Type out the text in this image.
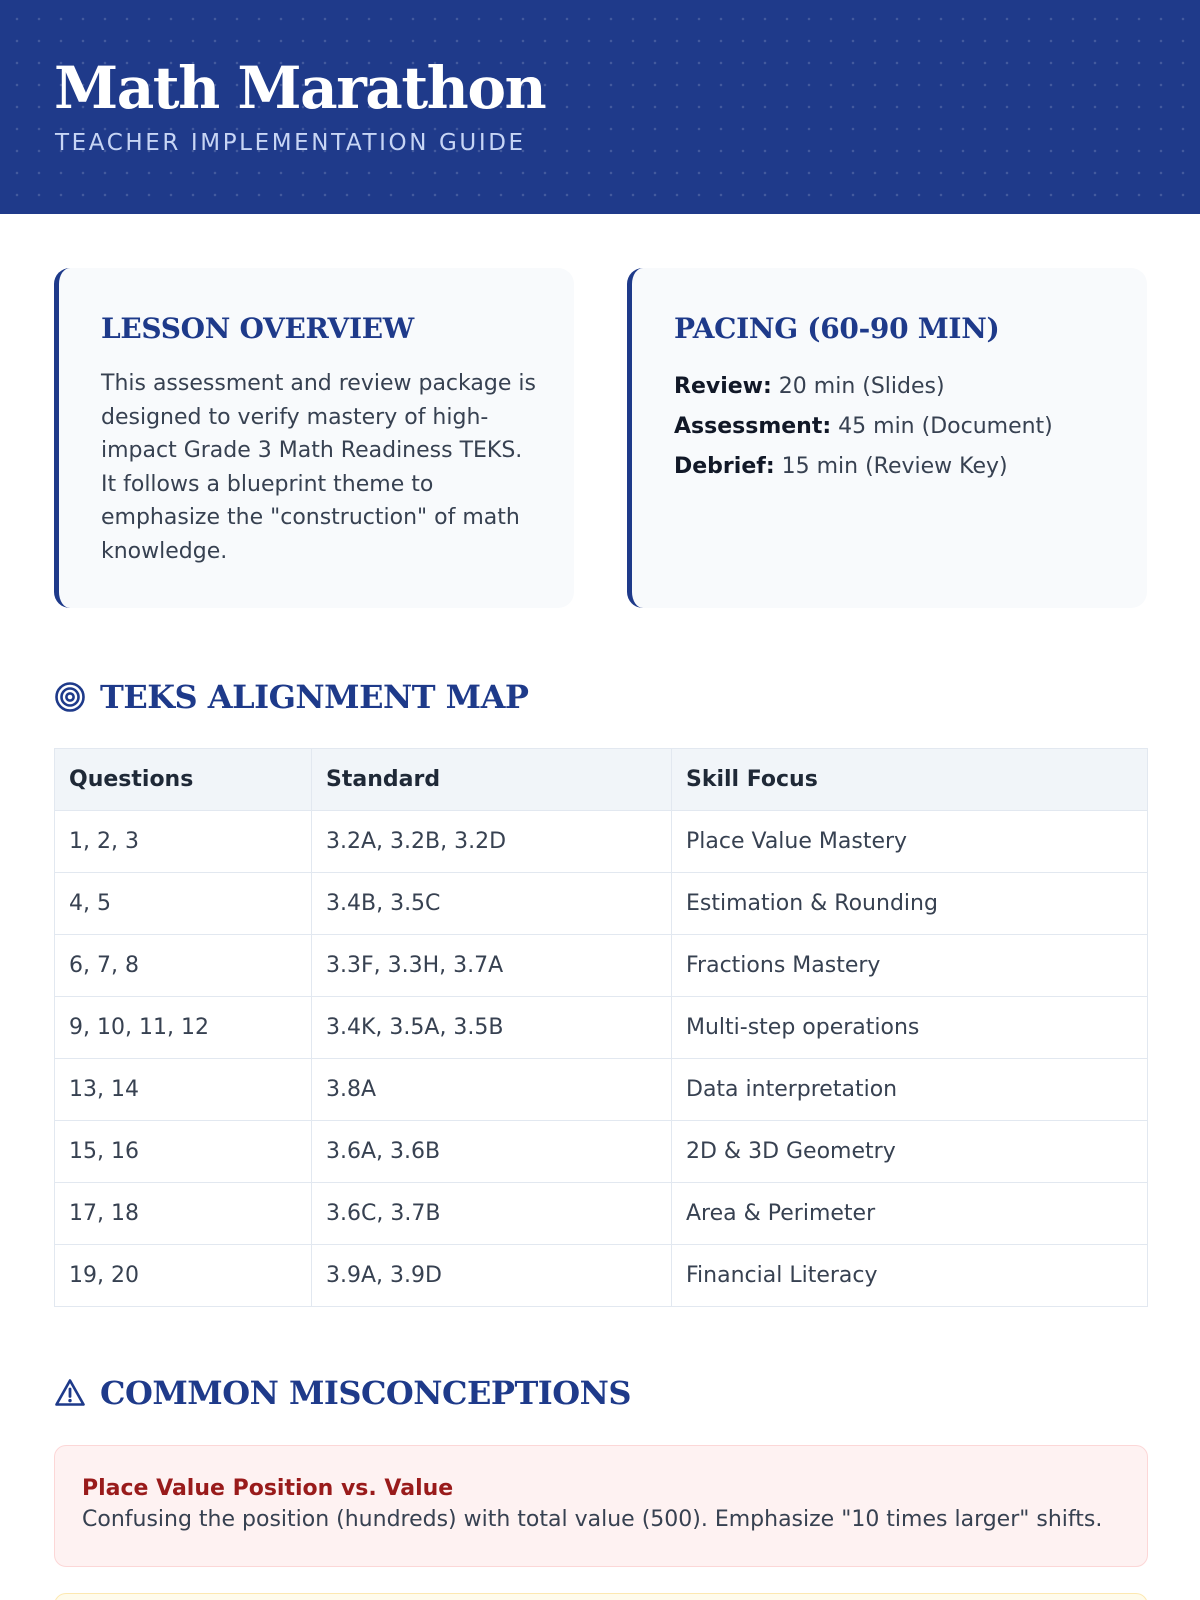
Math Marathon
TEACHER IMPLEMENTATION GUIDE
LESSON OVERVIEW

This assessment and review package is designed to verify mastery of high-impact Grade 3 Math Readiness TEKS. It follows a blueprint theme to emphasize the "construction" of math knowledge.

PACING (60-90 MIN)
Review: 20 min (Slides)
Assessment: 45 min (Document)
Debrief: 15 min (Review Key)
TEKS ALIGNMENT MAP
Questions	Standard	Skill Focus
1, 2, 3	3.2A, 3.2B, 3.2D	Place Value Mastery
4, 5	3.4B, 3.5C	Estimation & Rounding
6, 7, 8	3.3F, 3.3H, 3.7A	Fractions Mastery
9, 10, 11, 12	3.4K, 3.5A, 3.5B	Multi-step operations
13, 14	3.8A	Data interpretation
15, 16	3.6A, 3.6B	2D & 3D Geometry
17, 18	3.6C, 3.7B	Area & Perimeter
19, 20	3.9A, 3.9D	Financial Literacy
COMMON MISCONCEPTIONS
Place Value Position vs. Value
Confusing the position (hundreds) with total value (500). Emphasize "10 times larger" shifts.
